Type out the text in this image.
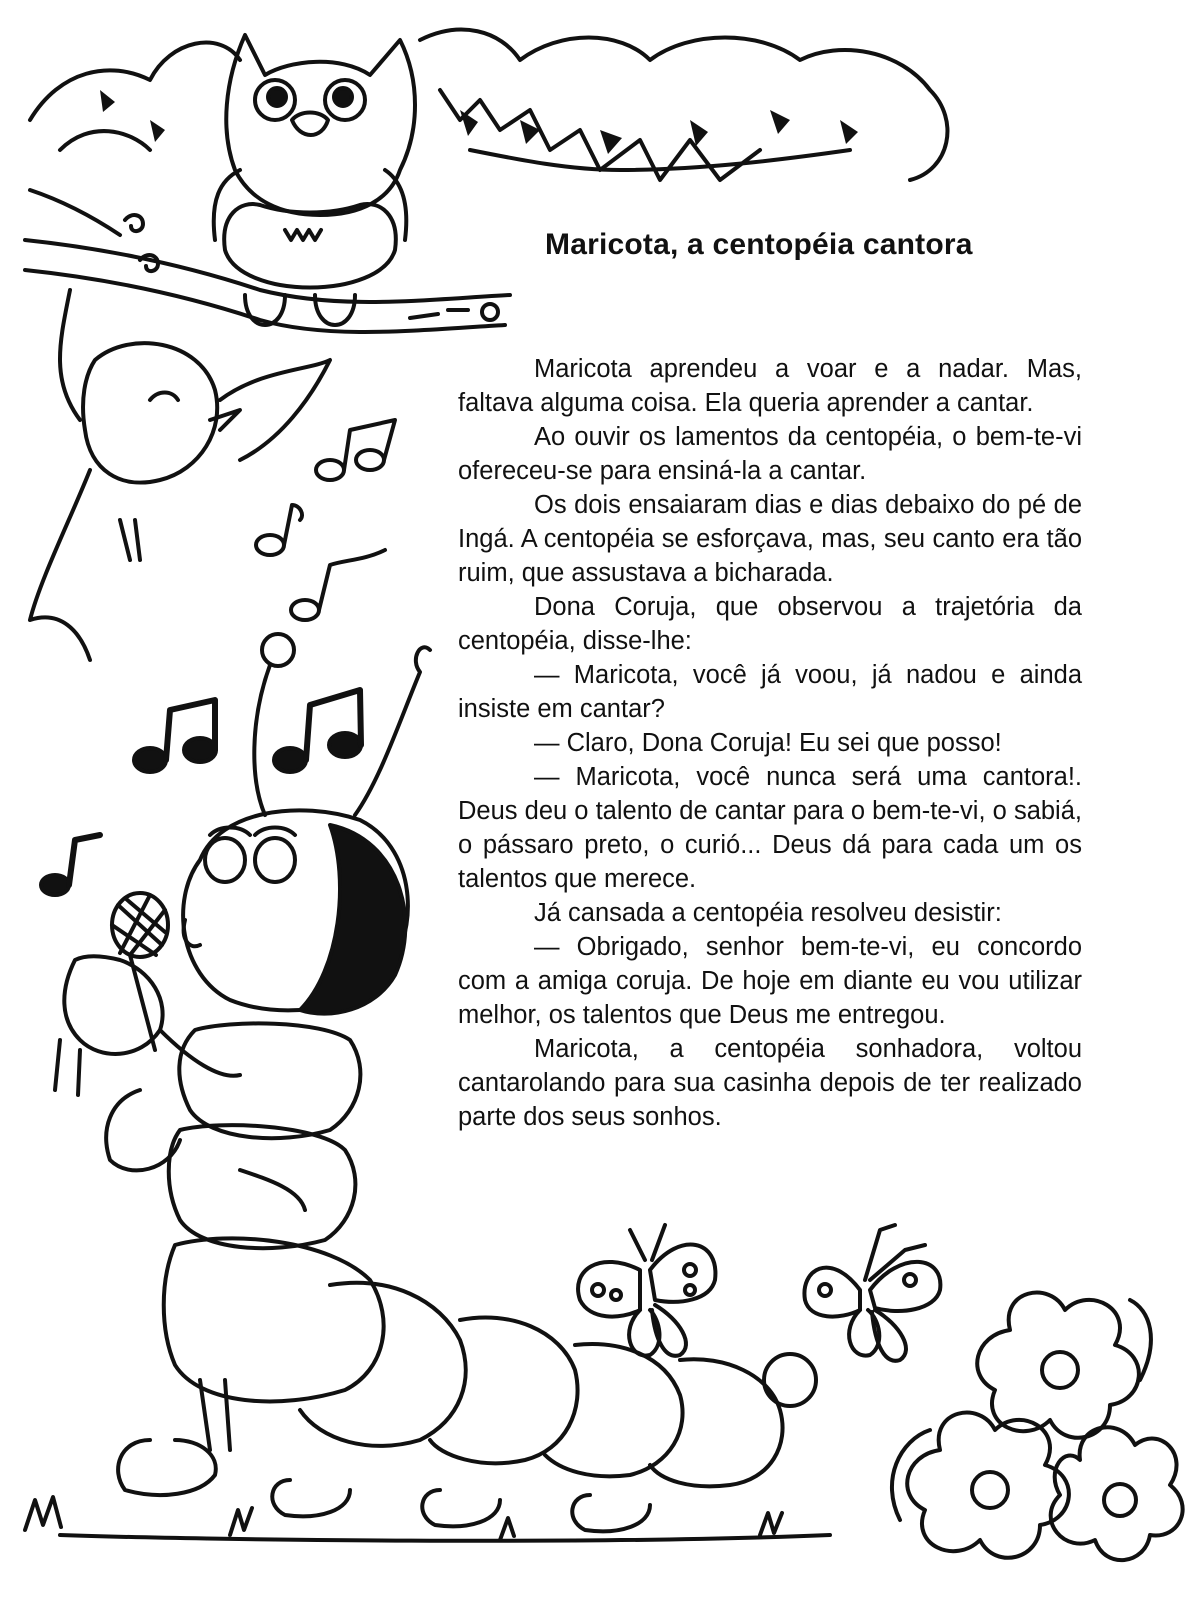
Maricota, a centopéia cantora

Maricota aprendeu a voar e a nadar. Mas, faltava alguma coisa. Ela queria aprender a cantar.

Ao ouvir os lamentos da centopéia, o bem-te-vi ofereceu-se para ensiná-la a cantar.

Os dois ensaiaram dias e dias debaixo do pé de Ingá. A centopéia se esforçava, mas, seu canto era tão ruim, que assustava a bicharada.

Dona Coruja, que observou a trajetória da centopéia, disse-lhe:

— Maricota, você já voou, já nadou e ainda insiste em cantar?

— Claro, Dona Coruja! Eu sei que posso!

— Maricota, você nunca será uma cantora!. Deus deu o talento de cantar para o bem-te-vi, o sabiá, o pássaro preto, o curió... Deus dá para cada um os talentos que merece.

Já cansada a centopéia resolveu desistir:

— Obrigado, senhor bem-te-vi, eu concordo com a amiga coruja. De hoje em diante eu vou utilizar melhor, os talentos que Deus me entregou.

Maricota, a centopéia sonhadora, voltou cantarolando para sua casinha depois de ter realizado parte dos seus sonhos.
